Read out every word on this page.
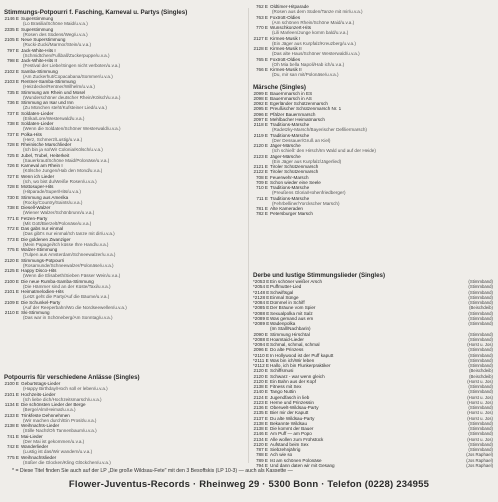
Stimmungs-Potpourri f. Fasching, Karneval u. Partys (Singles)
2146 E Superstimmung
(Lo Brasilia/Schöne Maid/u.v.a.)
2335 E Superstimmung
(Rosen des Südens/Weg/u.v.a.)
2105 E Neue Superstimmung
(Rucki-Zucki/Marmor/Stein/u.v.a.)
797 E Jack-White-Hits I
(Schmidtchen/Fußball/Zuckerpuppe/u.v.a.)
798 E Jack-White-Hits II
(Festival der Liebe/Singen nicht verboten/u.v.a.)
2102 E Samba-Stimmung
(Am Zuckerhut/Copacabana/Sommer/u.v.a.)
2103 E Rentner-Samba-Stimmung
(Heizdecke/Rentner/Wilhelm/u.v.a.)
735 E Stimmung am Rhein und Mosel
(Wunderschöner deutscher Rhein/Kölsch/u.v.a.)
736 E Stimmung an Isar und Inn
(Zu München steht/Kufsteiner Lied/u.v.a.)
737 E Soldaten-Lieder
(Erika/Lore/Westerwald/u.v.a.)
738 E Soldaten-Lieder
(Wenn die Soldaten/Schöner Westerwald/u.v.a.)
737 E Polka-Hits
(Herz, Schmerz/Lustig/u.v.a.)
728 E Rheinische Marschlieder
(Ich bin ja so/Wir Colonia/Kölsch/u.v.a.)
725 E Jubel, Trubel, Heiterkeit
(Sauerkraut/Schöne Maid/Polonäse/u.v.a.)
726 E Karneval am Rhein I
(Kölsche Jungen/Hab den Mond/u.v.a.)
727 E Wenn ich Lieder
(Ich, wo bist du/Weiße Rosen/u.v.a.)
728 E Mottosuper-Hits
(Hitparade/Super/Hits/u.v.a.)
730 E Stimmung aus Amerika
(Rocky/Country/Saints/u.v.a.)
738 E Diesell-Walzer
(Wiener Walzer/Schönbrunn/u.v.a.)
771 E Fetzen-Party
(Mit Gott/Bierzelt/Polonäse/u.v.a.)
772 E Das gabs nur einmal
(Das gibt's nur einmal/Ich tanze mit dir/u.v.a.)
773 E Die goldenen Zwanziger
(Mein Papagei/Ich küsse Ihre Hand/u.v.a.)
775 E Walzer-Stimmung
(Tulpen aus Amsterdam/Schneewalzer/u.v.a.)
2120 E Stimmungs-Potpourri
(Rosamunde/Schneewalzer/Polonäse/u.v.a.)
2125 E Happy Disco-Hits
(Wenn die Elisabeth/Sieben Fässer Wein/u.v.a.)
2100 E Die neue Rumba-Samba-Stimmung
(Die Hämmer sind an der Küste/Taxi/u.v.a.)
2101 E Heimatmelodien-Hits
(Letzt geht die Party/Auf die Bäume/u.v.a.)
2109 E Die Schunkel-Party
(Auf der Reeperbahn/Wo die Nordseewellen/u.v.a.)
2110 E Ski-Stimmung
(Das war in Schöneberg/Am Sonntag/u.v.a.)
Potpourris für verschiedene Anlässe (Singles)
2100 E Geburtstags-Lieder
(Happy Birthday/Hoch soll er leben/u.v.a.)
2101 E Hochzeits-Lieder
(Ich liebe dich/Hochzeitsmarsch/u.v.a.)
1134 E Die schönsten Lieder der Berge
(Berge/Alm/Heimat/u.v.a.)
2133 E Trinkfeste Dehnnehmen
(Wir machen durch/Ein Prosit/u.v.a.)
2138 E Weihnachts-Lieder
(Stille Nacht/Oh Tannenbaum/u.v.a.)
741 E Mai-Lieder
(Der Mai ist gekommen/u.v.a.)
742 E Wanderlieder
(Lustig ist das/Wir wandern/u.v.a.)
775 E Weihnachtslieder
(Süßer die Glocken/Kling Glöckchen/u.v.a.)
762 E Oldtimer-Hitparade
(Rosen aus dem Süden/Tanze mit mir/u.v.a.)
763 E Foxtrott-Oldies
(Am schönen Rhein/Schöne Maid/u.v.a.)
770 E Wunschkonzert-Hits
(Lili Marleen/Junge komm bald/u.v.a.)
2127 E Kirmes-Musik I
(Ein Jäger aus Kurpfalz/Kreuzberg/u.v.a.)
2128 E Kirmes-Musik II
(Das alte Haus/Schöner Westerwald/u.v.a.)
765 E Foxtrott-Oldies
(Oh Mia bella Napoli/Hab ich/u.v.a.)
766 E Kirmes-Musik II
(Du, mir san mit/Polonäse/u.v.a.)
Märsche (Singles)
2099 E Bauernmarsch in ES
2098 E Bauernmarsch in AS
2092 E Egerländer Schützenmarsch
2095 E Preußischer Schützenmarsch Nr. 1
2096 E Pfälzer Bauernmarsch
2097 E Mehlbacher Heimatmarsch
2118 E Traditions-Märsche
(Radetzky-Marsch/Bayerischer Defiliermarsch)
2119 E Traditions-Märsche
(Der Dessauer/Gruß an Kiel)
2120 E Jäger-Märsche
(Ich schieß' den Hirsch/Im Wald und auf der Heide)
2123 E Jäger-Märsche
(Ein Jäger aus Kurpfalz/Jägerlied)
2121 E Tiroler Schützenmarsch
2122 E Tiroler Schützenmarsch
708 E Feuerwehr-Marsch
709 E Schon wieder eine Seele
710 E Traditions-Märsche
(Preußens Gloria/Hohenfriedberger)
711 E Traditions-Märsche
(Fehrbelliner/Yorckscher Marsch)
781 E Alte Kameraden
782 E Petersburger Marsch
Derbe und lustige Stimmungslieder (Singles)
*2053 E Ein schöner weißer Arsch	(Stimmband)
*2054 E Puffmutter-Lied	(Stimmband)
*2148 E Schwiftsgal	(Stimmband)
*2128 E Einmal Sünge	(Stimmband)
*2084 E Dümmel in Schiff	(Stimmband)
*2085 E Der Bräune vom Spier	(Beischdeib)
*2088 E Sexualpolka mit Salz	(Stimmband)
*2089 E Was gemand aus em	(Stimmband)
*2089 E Wadenpolka	(Stimmband)
(Im Stall/Nachbarin)
2090 E Stimmung Hirschtal	(Stimmband)
*2088 E Hoamtaid-Lieder	(Stimmband)
*2094 E Schmal, schmal, schmal	(Horst u. Jos)
2096 E Do alte Prinzess	(Stimmband)
*2110 E In Hollywood ist der Puff kaputt	(Stimmband)
*2111 E Was bin ich/Wir leben	(Stimmband)
*2112 E Hallo, ich bin Flunkerpraktiker	(Stimmband)
2120 E Schiffsmusi	(Beischdeib)
2120 E Schwarz - war wenn gleich	(Beischdeib)
2120 E Ein Bahn aus der Kopf	(Horst u. Jos)
2138 E Fitness mit Sex	(Stimmband)
2140 E Tango Nuttin	(Stimmband)
2124 E Jugendfasch in lieb	(Horst u. Jos)
2123 E Herne und Prinzessin	(Horst u. Jos)
2136 E Oberwelt-Wildsau-Party	(Stimmband)
2135 E Bier mir der Kaputt	(Horst u. Jos)
2137 E Du alte Wildsau-Party	(Horst u. Jos)
2138 E Bekannte Wildsau	(Stimmband)
2138 E Die kommt der Bauer	(Stimmband)
2146 E Am Puff — am Popo	(Stimmband)
2134 E Alle wollen zum Frühstück	(Horst u. Jos)
2120 E Aufstand beim Sex	(Stimmband)
787 E Siebzehnjährig	(Stimmband)
788 E Ach wie so	(Jos Raphael)
789 E Ist am schönen Polonäse	(Jos Raphael)
794 E Und dann daten wir mit Gesang	(Jos Raphael)
* = Diese Titel finden Sie auch auf der LP „Die große Wildsau-Fete" mit den 3 Besoffskis (LP 10-3) — auch als Kassette —
Flower-Juventus-Records · Rheinweg 29 · 5300 Bonn · Telefon (0228) 234955
